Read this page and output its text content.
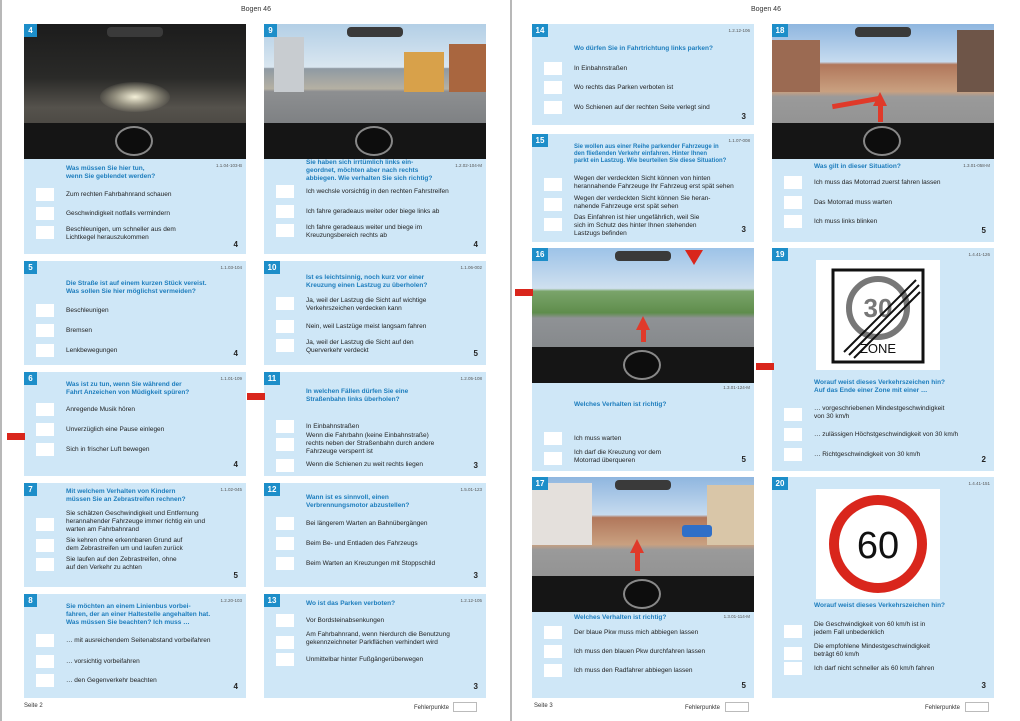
Bogen 46
4
1.1.04-103-B
Was müssen Sie hier tun,
wenn Sie geblendet werden?
Zum rechten Fahrbahnrand schauen
Geschwindigkeit notfalls vermindern
Beschleunigen, um schneller aus dem
Lichtkegel herauszukommen
4
9
1.2.02-104-M
Sie haben sich irrtümlich links ein-
geordnet, möchten aber nach rechts
abbiegen. Wie verhalten Sie sich richtig?
Ich wechsle vorsichtig in den rechten Fahrstreifen
Ich fahre geradeaus weiter oder biege links ab
Ich fahre geradeaus weiter und biege im
Kreuzungsbereich rechts ab
4
5	1.1.03-104
Die Straße ist auf einem kurzen Stück vereist.
Was sollen Sie hier möglichst vermeiden?
Beschleunigen
Bremsen
Lenkbewegungen	4
10	1.1.06-002
Ist es leichtsinnig, noch kurz vor einer
Kreuzung einen Lastzug zu überholen?
Ja, weil der Lastzug die Sicht auf wichtige
Verkehrszeichen verdecken kann
Nein, weil Lastzüge meist langsam fahren
Ja, weil der Lastzug die Sicht auf den
Querverkehr verdeckt	5
6	1.1.01-109
Was ist zu tun, wenn Sie während der
Fahrt Anzeichen von Müdigkeit spüren?
Anregende Musik hören
Unverzüglich eine Pause einlegen
Sich in frischer Luft bewegen
4
11	1.2.05-108
In welchen Fällen dürfen Sie eine
Straßenbahn links überholen?
In Einbahnstraßen
Wenn die Fahrbahn (keine Einbahnstraße)
rechts neben der Straßenbahn durch andere
Fahrzeuge versperrt ist
Wenn die Schienen zu weit rechts liegen	3
7	1.1.02-045
Mit welchem Verhalten von Kindern
müssen Sie an Zebrastreifen rechnen?
Sie schätzen Geschwindigkeit und Entfernung
herannahender Fahrzeuge immer richtig ein und
warten am Fahrbahnrand
Sie kehren ohne erkennbaren Grund auf
dem Zebrastreifen um und laufen zurück
Sie laufen auf den Zebrastreifen, ohne
auf den Verkehr zu achten
5
12	1.5.01-123
Wann ist es sinnvoll, einen
Verbrennungsmotor abzustellen?
Bei längerem Warten an Bahnübergängen
Beim Be- und Entladen des Fahrzeugs
Beim Warten an Kreuzungen mit Stoppschild
3
8	1.2.20-103
Sie möchten an einem Linienbus vorbei-
fahren, der an einer Haltestelle angehalten hat.
Was müssen Sie beachten? Ich muss …
… mit ausreichendem Seitenabstand vorbeifahren
… vorsichtig vorbeifahren
… den Gegenverkehr beachten
4
13	1.2.12-105
Wo ist das Parken verboten?
Vor Bordsteinabsenkungen
Am Fahrbahnrand, wenn hierdurch die Benutzung
gekennzeichneter Parkflächen verhindert wird
Unmittelbar hinter Fußgängerüberwegen
3
Seite 2	Fehlerpunkte
Bogen 46
14	1.2.12-106
Wo dürfen Sie in Fahrtrichtung links parken?
In Einbahnstraßen
Wo rechts das Parken verboten ist
Wo Schienen auf der rechten Seite verlegt sind
3
15	1.1.07-008
Sie wollen aus einer Reihe parkender Fahrzeuge in
den fließenden Verkehr einfahren. Hinter Ihnen
parkt ein Lastzug. Wie beurteilen Sie diese Situation?
Wegen der verdeckten Sicht können von hinten
herannahende Fahrzeuge Ihr Fahrzeug erst spät sehen
Wegen der verdeckten Sicht können Sie heran-
nahende Fahrzeuge erst spät sehen
Das Einfahren ist hier ungefährlich, weil Sie
sich im Schutz des hinter Ihnen stehenden
Lastzugs befinden	3
18
1.3.01-058-M
Was gilt in dieser Situation?
Ich muss das Motorrad zuerst fahren lassen
Das Motorrad muss warten
Ich muss links blinken
5
16
1.3.01-124-M
Welches Verhalten ist richtig?
Ich muss warten
Ich darf die Kreuzung vor dem
Motorrad überqueren	5
30
ZONE
19	1.4.41-126
Worauf weist dieses Verkehrszeichen hin?
Auf das Ende einer Zone mit einer …
… vorgeschriebenen Mindestgeschwindigkeit
von 30 km/h
… zulässigen Höchstgeschwindigkeit von 30 km/h
… Richtgeschwindigkeit von 30 km/h
2
17
1.3.01-114-M
Welches Verhalten ist richtig?
Der blaue Pkw muss mich abbiegen lassen
Ich muss den blauen Pkw durchfahren lassen
Ich muss den Radfahrer abbiegen lassen
5
60
20	1.4.41-151
Worauf weist dieses Verkehrszeichen hin?
Die Geschwindigkeit von 60 km/h ist in
jedem Fall unbedenklich
Die empfohlene Mindestgeschwindigkeit
beträgt 60 km/h
Ich darf nicht schneller als 60 km/h fahren
3
Seite 3	Fehlerpunkte	Fehlerpunkte
